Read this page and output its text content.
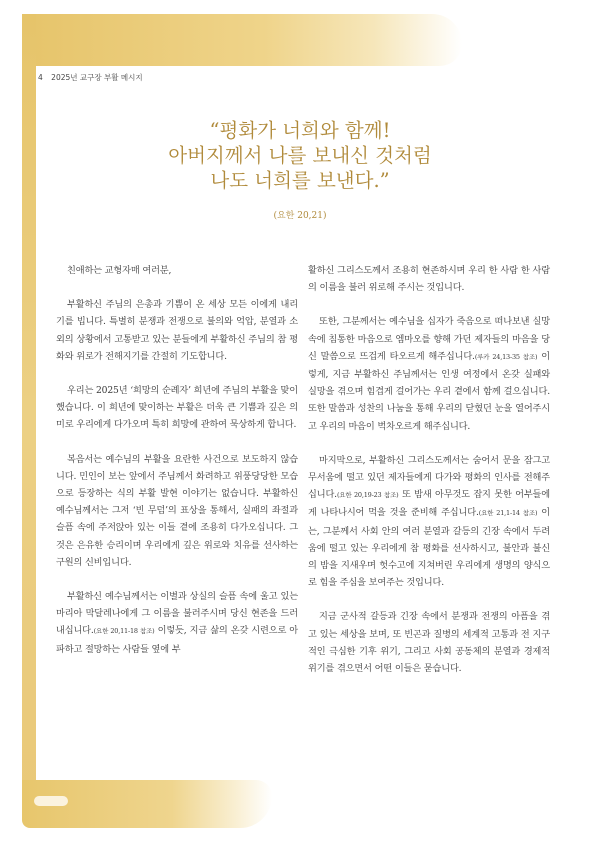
4 2025년 교구장 부활 메시지
“평화가 너희와 함께!
아버지께서 나를 보내신 것처럼
나도 너희를 보낸다.”
(요한 20,21)

친애하는 교형자매 여러분,

부활하신 주님의 은총과 기쁨이 온 세상 모든 이에게 내리기를 빕니다. 특별히 분쟁과 전쟁으로 불의와 억압, 분열과 소외의 상황에서 고통받고 있는 분들에게 부활하신 주님의 참 평화와 위로가 전해지기를 간절히 기도합니다.

우리는 2025년 ‘희망의 순례자’ 희년에 주님의 부활을 맞이했습니다. 이 희년에 맞이하는 부활은 더욱 큰 기쁨과 깊은 의미로 우리에게 다가오며 특히 희망에 관하여 묵상하게 합니다.

복음서는 예수님의 부활을 요란한 사건으로 보도하지 않습니다. 민인이 보는 앞에서 주님께서 화려하고 위풍당당한 모습으로 등장하는 식의 부활 발현 이야기는 없습니다. 부활하신 예수님께서는 그저 ‘빈 무덤’의 표상을 통해서, 실패의 좌절과 슬픔 속에 주저앉아 있는 이들 곁에 조용히 다가오십니다. 그것은 은유한 승리이며 우리에게 깊은 위로와 치유를 선사하는 구원의 신비입니다.

부활하신 예수님께서는 이별과 상실의 슬픔 속에 울고 있는 마리아 막달레나에게 그 이름을 불러주시며 당신 현존을 드러내십니다.(요한 20,11-18 참조) 이렇듯, 지금 삶의 온갖 시련으로 아파하고 절망하는 사람들 옆에 부

활하신 그리스도께서 조용히 현존하시며 우리 한 사람 한 사람의 이름을 불러 위로해 주시는 것입니다.

또한, 그분께서는 예수님을 십자가 죽음으로 떠나보낸 실망 속에 침통한 마음으로 엠마오를 향해 가던 제자들의 마음을 당신 말씀으로 뜨겁게 타오르게 해주십니다.(루카 24,13-35 참조) 이렇게, 지금 부활하신 주님께서는 인생 여정에서 온갖 실패와 실망을 겪으며 힘겹게 걸어가는 우리 곁에서 함께 걸으십니다. 또한 말씀과 성찬의 나눔을 통해 우리의 닫혔던 눈을 열어주시고 우리의 마음이 벅차오르게 해주십니다.

마지막으로, 부활하신 그리스도께서는 숨어서 문을 잠그고 무서움에 떨고 있던 제자들에게 다가와 평화의 인사를 전해주십니다.(요한 20,19-23 참조) 또 밤새 아무것도 잡지 못한 어부들에게 나타나시어 먹을 것을 준비해 주십니다.(요한 21,1-14 참조) 이는, 그분께서 사회 안의 여러 분열과 갈등의 긴장 속에서 두려움에 떨고 있는 우리에게 참 평화를 선사하시고, 불안과 불신의 밤을 지새우며 헛수고에 지쳐버린 우리에게 생명의 양식으로 힘을 주심을 보여주는 것입니다.

지금 군사적 갈등과 긴장 속에서 분쟁과 전쟁의 아픔을 겪고 있는 세상을 보며, 또 빈곤과 질병의 세계적 고통과 전 지구적인 극심한 기후 위기, 그리고 사회 공동체의 분열과 경제적 위기를 겪으면서 어떤 이들은 묻습니다.
